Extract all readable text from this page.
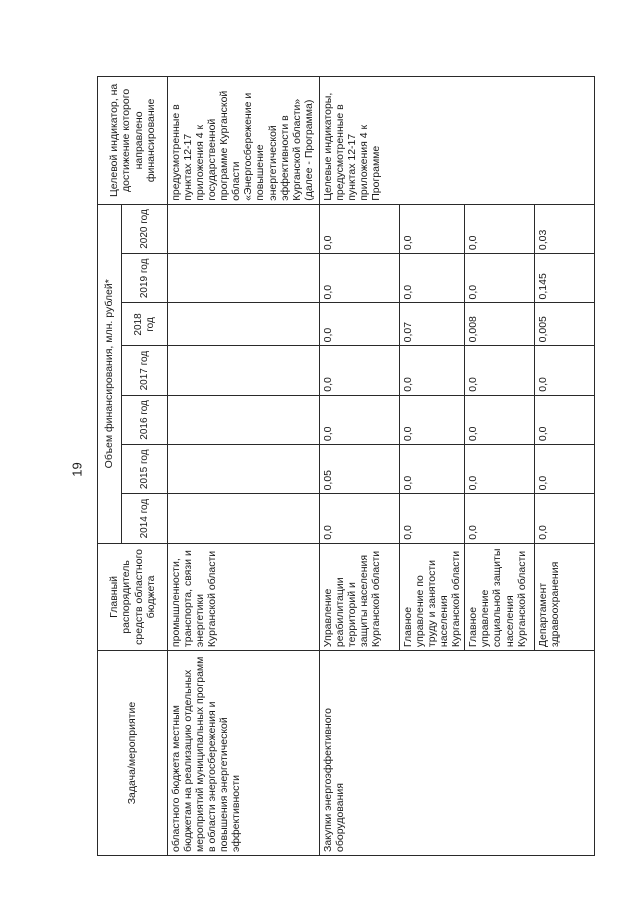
19
Задача/мероприятие	Главный распорядитель средств областного бюджета	Объем финансирования, млн. рублей*							Целевой индикатор, на достижение которого направлено финансирование
		2014 год	2015 год	2016 год	2017 год	2018 год	2019 год	2020 год	
областного бюджета местным бюджетам на реализацию отдельных мероприятий муниципальных программ в области энергосбережения и повышения энергетической эффективности	промышленности, транспорта, связи и энергетики Курганской области								предусмотренные в пунктах 12-17 приложения 4 к государственной программе Курганской области «Энергосбережение и повышение энергетической эффективности в Курганской области» (далее - Программа)
Закупки энергоэффективного оборудования	Управление реабилитации территорий и защиты населения Курганской области	0,0	0,05	0,0	0,0	0,0	0,0	0,0	Целевые индикаторы, предусмотренные в пунктах 12-17 приложения 4 к Программе
	Главное управление по труду и занятости населения Курганской области	0,0	0,0	0,0	0,0	0,07	0,0	0,0	
	Главное управление социальной защиты населения Курганской области	0,0	0,0	0,0	0,0	0,008	0,0	0,0	
	Департамент здравоохранения	0,0	0,0	0,0	0,0	0,005	0,145	0,03	
